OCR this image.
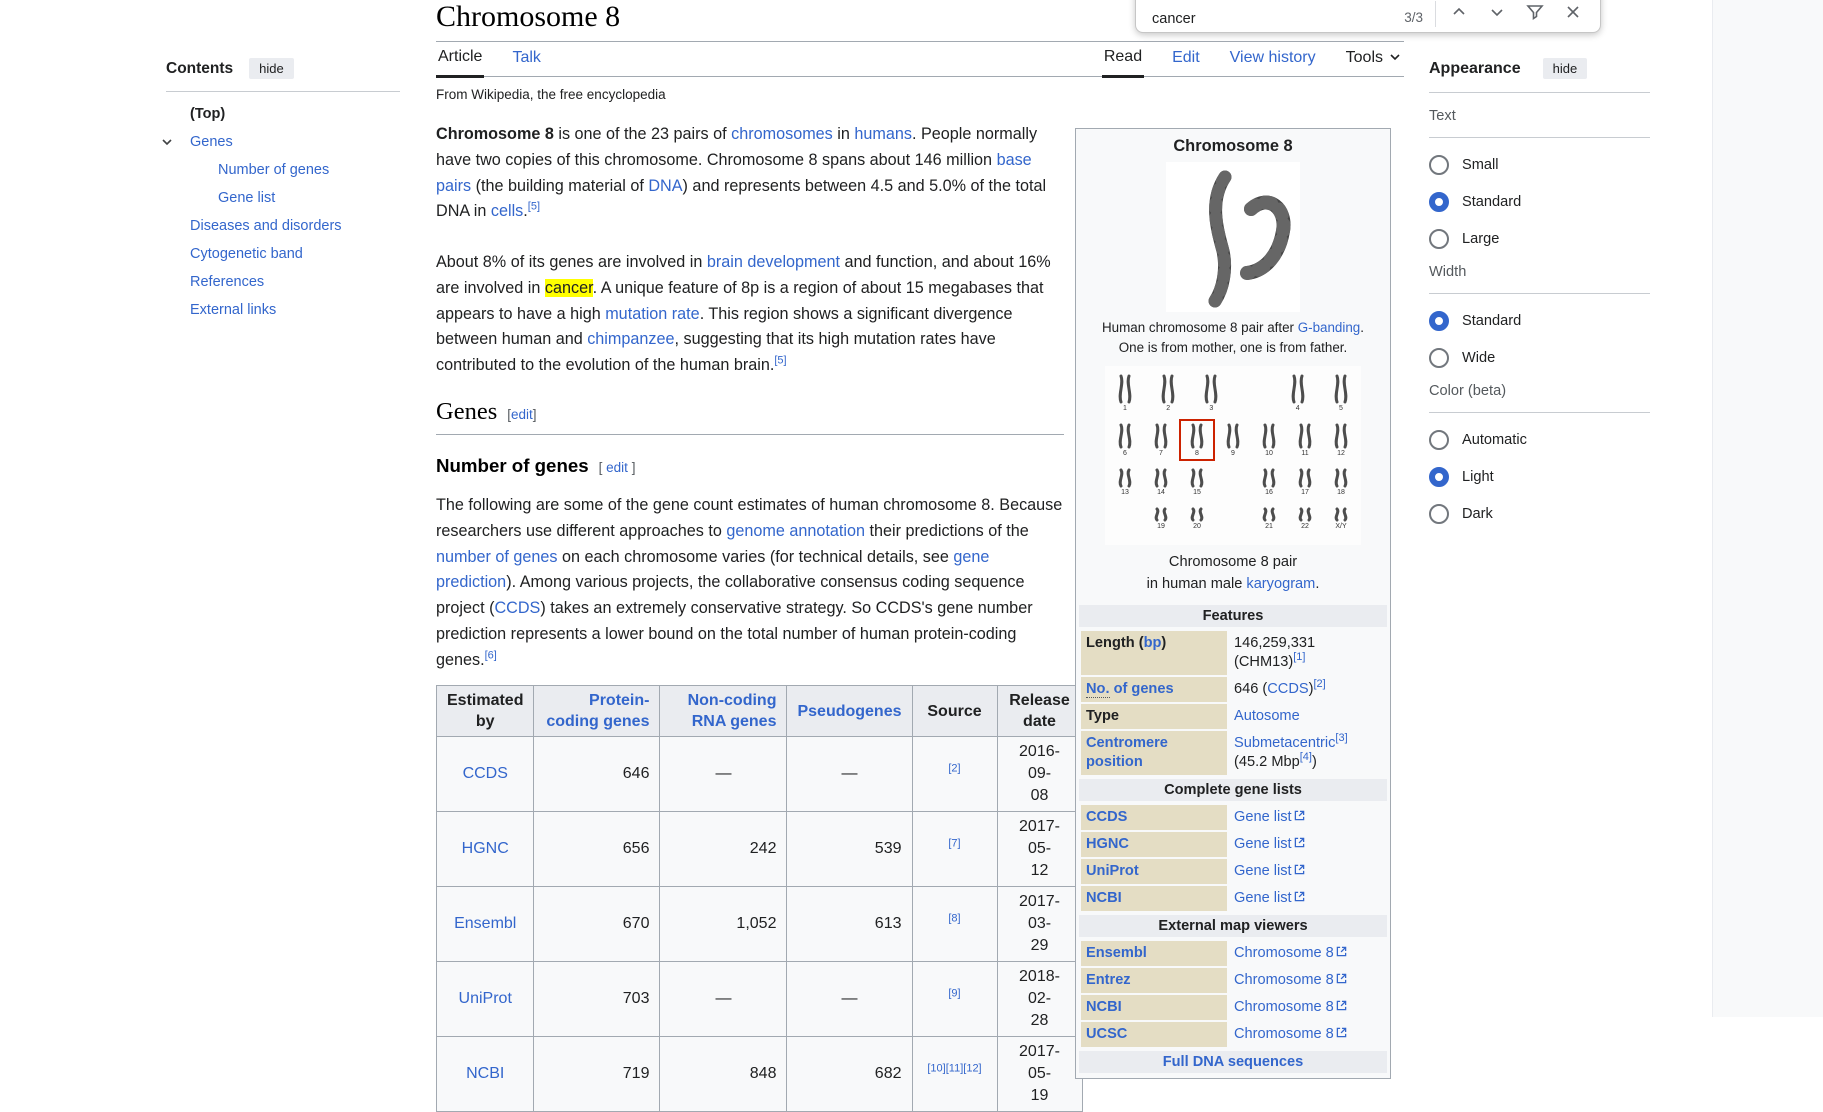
cancer
3/3
Contents	hide
(Top)
Genes
Number of genes
Gene list
Diseases and disorders
Cytogenetic band
References
External links
Chromosome 8
Article Talk	Read Edit View history Tools
From Wikipedia, the free encyclopedia

Chromosome 8 is one of the 23 pairs of chromosomes in humans. People normally
have two copies of this chromosome. Chromosome 8 spans about 146 million base
pairs (the building material of DNA) and represents between 4.5 and 5.0% of the total
DNA in cells.[5]

About 8% of its genes are involved in brain development and function, and about 16%
are involved in cancer. A unique feature of 8p is a region of about 15 megabases that
appears to have a high mutation rate. This region shows a significant divergence
between human and chimpanzee, suggesting that its high mutation rates have
contributed to the evolution of the human brain.[5]

Genes [edit]
Number of genes [ edit ]

The following are some of the gene count estimates of human chromosome 8. Because
researchers use different approaches to genome annotation their predictions of the
number of genes on each chromosome varies (for technical details, see gene
prediction). Among various projects, the collaborative consensus coding sequence
project (CCDS) takes an extremely conservative strategy. So CCDS's gene number
prediction represents a lower bound on the total number of human protein-coding
genes.[6]

Estimated
by	Protein-
coding genes	Non-coding
RNA genes	Pseudogenes	Source	Release
date
CCDS	646	—	—	[2]	2016-09-
08
HGNC	656	242	539	[7]	2017-05-
12
Ensembl	670	1,052	613	[8]	2017-03-
29
UniProt	703	—	—	[9]	2018-02-
28
NCBI	719	848	682	[10][11][12]	2017-05-
19
Chromosome 8
Human chromosome 8 pair after G-banding.
One is from mother, one is from father.
1	2	3	4	5
6	7	8	9	10	11	12
13	14	15	16	17	18
19	20	21	22	X/Y
Chromosome 8 pair
in human male karyogram.
Features
Length (bp)	146,259,331
(CHM13)[1]
No. of genes	646 (CCDS)[2]
Type	Autosome
Centromere position	Submetacentric[3]
(45.2 Mbp[4])
Complete gene lists
CCDS	Gene list
HGNC	Gene list
UniProt	Gene list
NCBI	Gene list
External map viewers
Ensembl	Chromosome 8
Entrez	Chromosome 8
NCBI	Chromosome 8
UCSC	Chromosome 8
Full DNA sequences
Appearance	hide
Text
Small
Standard
Large
Width
Standard
Wide
Color (beta)
Automatic
Light
Dark
